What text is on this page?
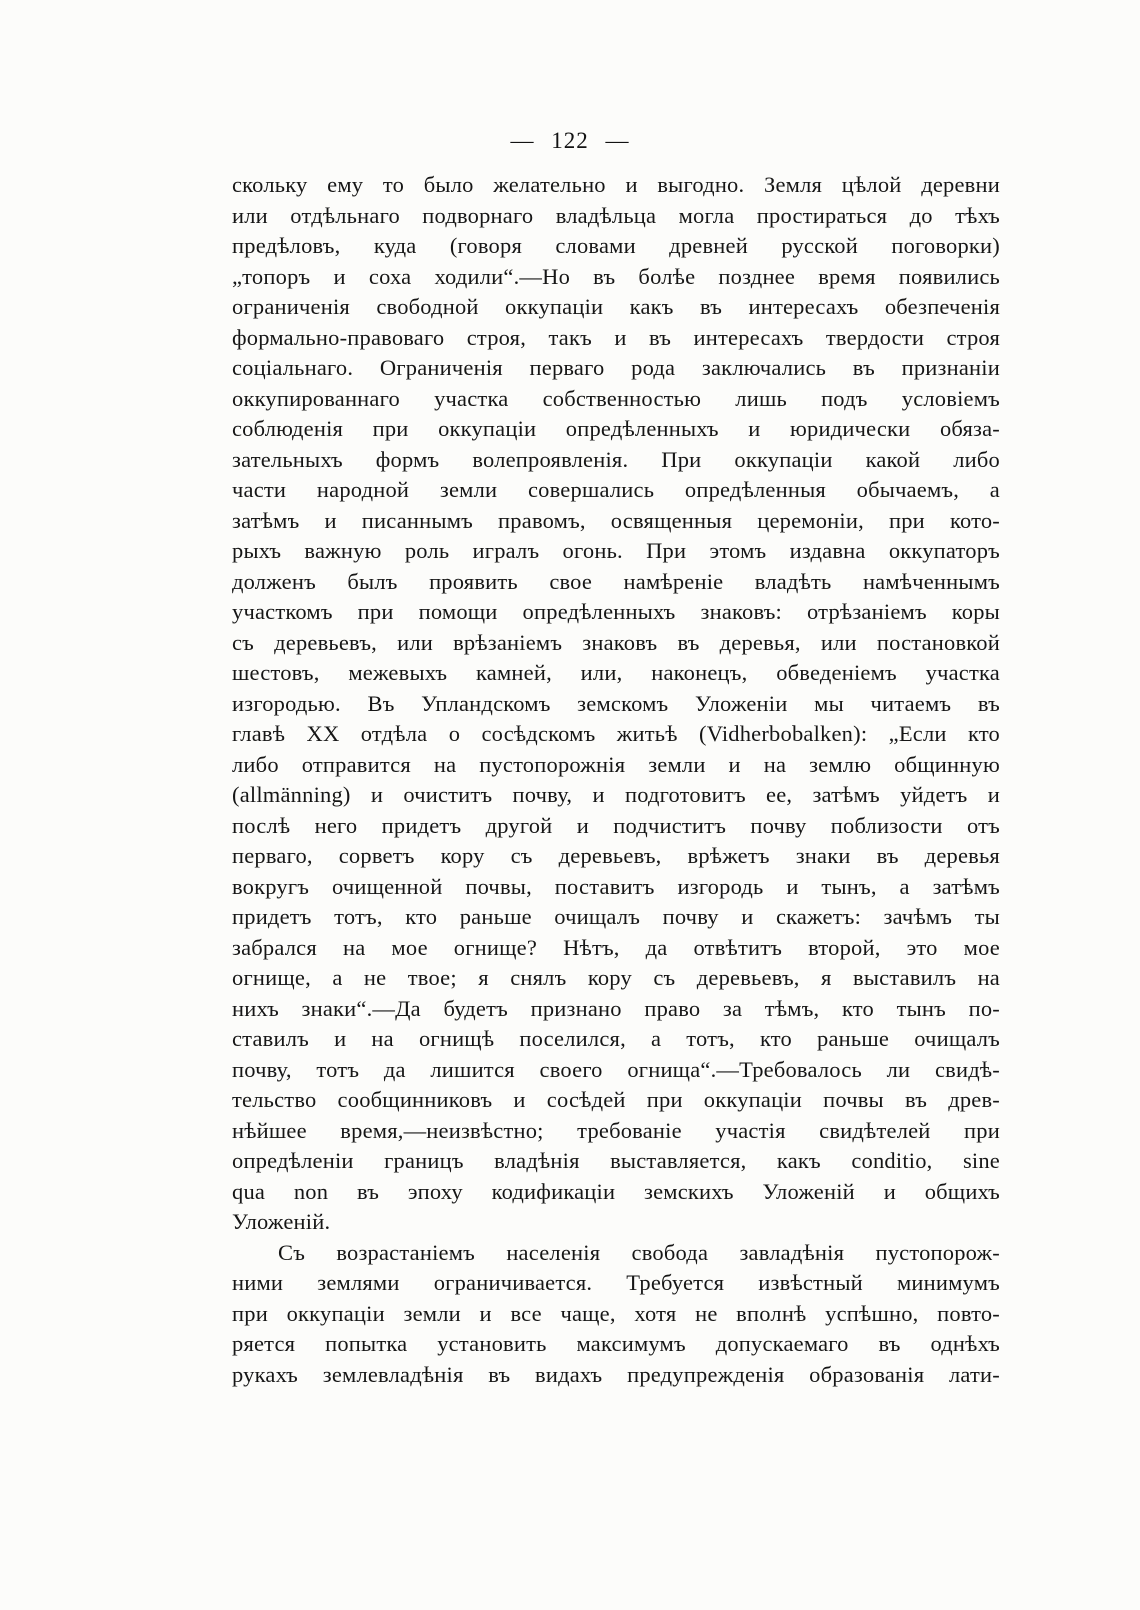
— 122 —
скольку ему то было желательно и выгодно. Земля цѣлой деревни
или отдѣльнаго подворнаго владѣльца могла простираться до тѣхъ
предѣловъ, куда (говоря словами древней русской поговорки)
„топоръ и соха ходили“.—Но въ болѣе позднее время появились
ограниченія свободной оккупаціи какъ въ интересахъ обезпеченія
формально-правоваго строя, такъ и въ интересахъ твердости строя
соціальнаго. Ограниченія перваго рода заключались въ признаніи
оккупированнаго участка собственностью лишь подъ условіемъ
соблюденія при оккупаціи опредѣленныхъ и юридически обяза-
зательныхъ формъ волепроявленія. При оккупаціи какой либо
части народной земли совершались опредѣленныя обычаемъ, а
затѣмъ и писаннымъ правомъ, освященныя церемоніи, при кото-
рыхъ важную роль игралъ огонь. При этомъ издавна оккупаторъ
долженъ былъ проявить свое намѣреніе владѣть намѣченнымъ
участкомъ при помощи опредѣленныхъ знаковъ: отрѣзаніемъ коры
съ деревьевъ, или врѣзаніемъ знаковъ въ деревья, или постановкой
шестовъ, межевыхъ камней, или, наконецъ, обведеніемъ участка
изгородью. Въ Упландскомъ земскомъ Уложеніи мы читаемъ въ
главѣ XX отдѣла о сосѣдскомъ житьѣ (Vidherbobalken): „Если кто
либо отправится на пустопорожнія земли и на землю общинную
(allmänning) и очиститъ почву, и подготовитъ ее, затѣмъ уйдетъ и
послѣ него придетъ другой и подчиститъ почву поблизости отъ
перваго, сорветъ кору съ деревьевъ, врѣжетъ знаки въ деревья
вокругъ очищенной почвы, поставитъ изгородь и тынъ, а затѣмъ
придетъ тотъ, кто раньше очищалъ почву и скажетъ: зачѣмъ ты
забрался на мое огнище? Нѣтъ, да отвѣтитъ второй, это мое
огнище, а не твое; я снялъ кору съ деревьевъ, я выставилъ на
нихъ знаки“.—Да будетъ признано право за тѣмъ, кто тынъ по-
ставилъ и на огнищѣ поселился, а тотъ, кто раньше очищалъ
почву, тотъ да лишится своего огнища“.—Требовалось ли свидѣ-
тельство сообщинниковъ и сосѣдей при оккупаціи почвы въ древ-
нѣйшее время,—неизвѣстно; требованіе участія свидѣтелей при
опредѣленіи границъ владѣнія выставляется, какъ conditio, sine
qua non въ эпоху кодификаціи земскихъ Уложеній и общихъ
Уложеній.
Съ возрастаніемъ населенія свобода завладѣнія пустопорож-
ними землями ограничивается. Требуется извѣстный минимумъ
при оккупаціи земли и все чаще, хотя не вполнѣ успѣшно, повто-
ряется попытка установить максимумъ допускаемаго въ однѣхъ
рукахъ землевладѣнія въ видахъ предупрежденія образованія лати-
